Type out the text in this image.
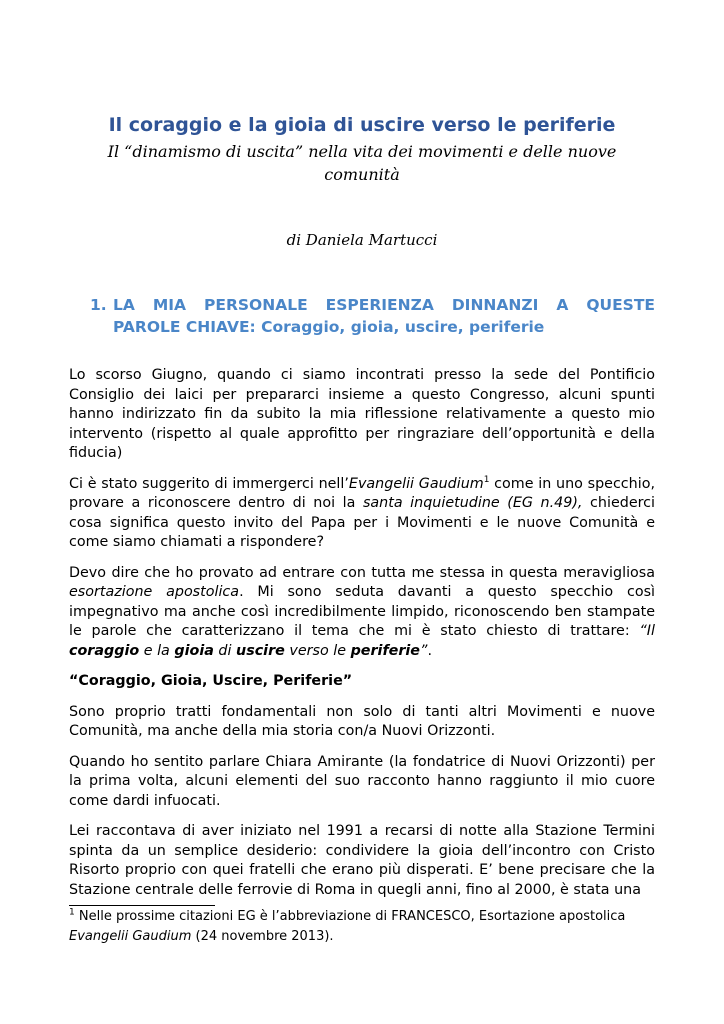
Il coraggio e la gioia di uscire verso le periferie
Il “dinamismo di uscita” nella vita dei movimenti e delle nuove comunità
di Daniela Martucci
1. LA MIA PERSONALE ESPERIENZA DINNANZI A QUESTE
PAROLE CHIAVE: Coraggio, gioia, uscire, periferie

Lo scorso Giugno, quando ci siamo incontrati presso la sede del Pontificio Consiglio dei laici per prepararci insieme a questo Congresso, alcuni spunti hanno indirizzato fin da subito la mia riflessione relativamente a questo mio intervento (rispetto al quale approfitto per ringraziare dell’opportunità e della fiducia)

Ci è stato suggerito di immergerci nell’Evangelii Gaudium$^1$ come in uno specchio, provare a riconoscere dentro di noi la santa inquietudine (EG n.49), chiederci cosa significa questo invito del Papa per i Movimenti e le nuove Comunità e come siamo chiamati a rispondere?

Devo dire che ho provato ad entrare con tutta me stessa in questa meravigliosa esortazione apostolica. Mi sono seduta davanti a questo specchio così impegnativo ma anche così incredibilmente limpido, riconoscendo ben stampate le parole che caratterizzano il tema che mi è stato chiesto di trattare: “Il coraggio e la gioia di uscire verso le periferie”.

“Coraggio, Gioia, Uscire, Periferie”

Sono proprio tratti fondamentali non solo di tanti altri Movimenti e nuove Comunità, ma anche della mia storia con/a Nuovi Orizzonti.

Quando ho sentito parlare Chiara Amirante (la fondatrice di Nuovi Orizzonti) per la prima volta, alcuni elementi del suo racconto hanno raggiunto il mio cuore come dardi infuocati.

Lei raccontava di aver iniziato nel 1991 a recarsi di notte alla Stazione Termini spinta da un semplice desiderio: condividere la gioia dell’incontro con Cristo Risorto proprio con quei fratelli che erano più disperati. E’ bene precisare che la Stazione centrale delle ferrovie di Roma in quegli anni, fino al 2000, è stata una

$^1$ Nelle prossime citazioni EG è l’abbreviazione di FRANCESCO, Esortazione apostolica Evangelii Gaudium (24 novembre 2013).
